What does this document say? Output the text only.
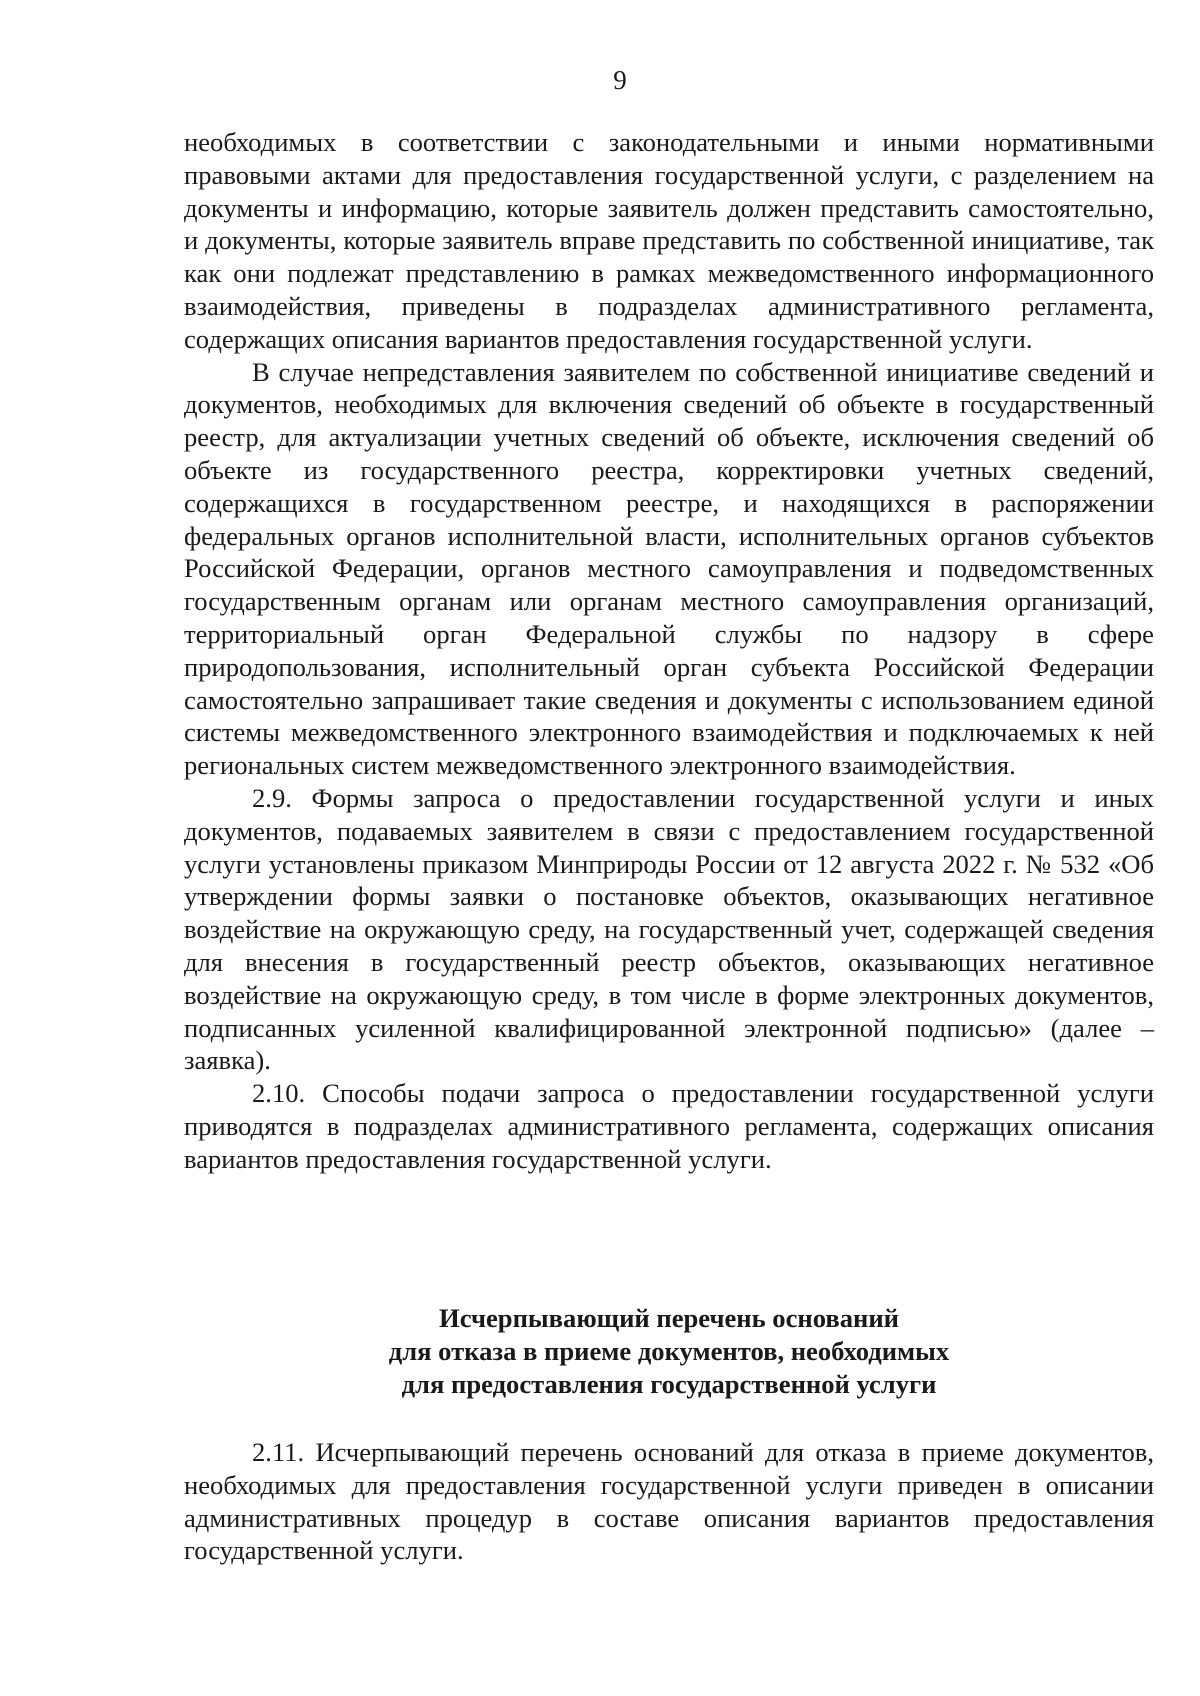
9

необходимых в соответствии с законодательными и иными нормативными правовыми актами для предоставления государственной услуги, с разделением на документы и информацию, которые заявитель должен представить самостоятельно, и документы, которые заявитель вправе представить по собственной инициативе, так как они подлежат представлению в рамках межведомственного информационного взаимодействия, приведены в подразделах административного регламента, содержащих описания вариантов предоставления государственной услуги.

В случае непредставления заявителем по собственной инициативе сведений и документов, необходимых для включения сведений об объекте в государственный реестр, для актуализации учетных сведений об объекте, исключения сведений об объекте из государственного реестра, корректировки учетных сведений, содержащихся в государственном реестре, и находящихся в распоряжении федеральных органов исполнительной власти, исполнительных органов субъектов Российской Федерации, органов местного самоуправления и подведомственных государственным органам или органам местного самоуправления организаций, территориальный орган Федеральной службы по надзору в сфере природопользования, исполнительный орган субъекта Российской Федерации самостоятельно запрашивает такие сведения и документы с использованием единой системы межведомственного электронного взаимодействия и подключаемых к ней региональных систем межведомственного электронного взаимодействия.

2.9. Формы запроса о предоставлении государственной услуги и иных документов, подаваемых заявителем в связи с предоставлением государственной услуги установлены приказом Минприроды России от 12 августа 2022 г. № 532 «Об утверждении формы заявки о постановке объектов, оказывающих негативное воздействие на окружающую среду, на государственный учет, содержащей сведения для внесения в государственный реестр объектов, оказывающих негативное воздействие на окружающую среду, в том числе в форме электронных документов, подписанных усиленной квалифицированной электронной подписью» (далее – заявка).

2.10. Способы подачи запроса о предоставлении государственной услуги приводятся в подразделах административного регламента, содержащих описания вариантов предоставления государственной услуги.

Исчерпывающий перечень оснований
для отказа в приеме документов, необходимых
для предоставления государственной услуги

2.11. Исчерпывающий перечень оснований для отказа в приеме документов, необходимых для предоставления государственной услуги приведен в описании административных процедур в составе описания вариантов предоставления государственной услуги.
